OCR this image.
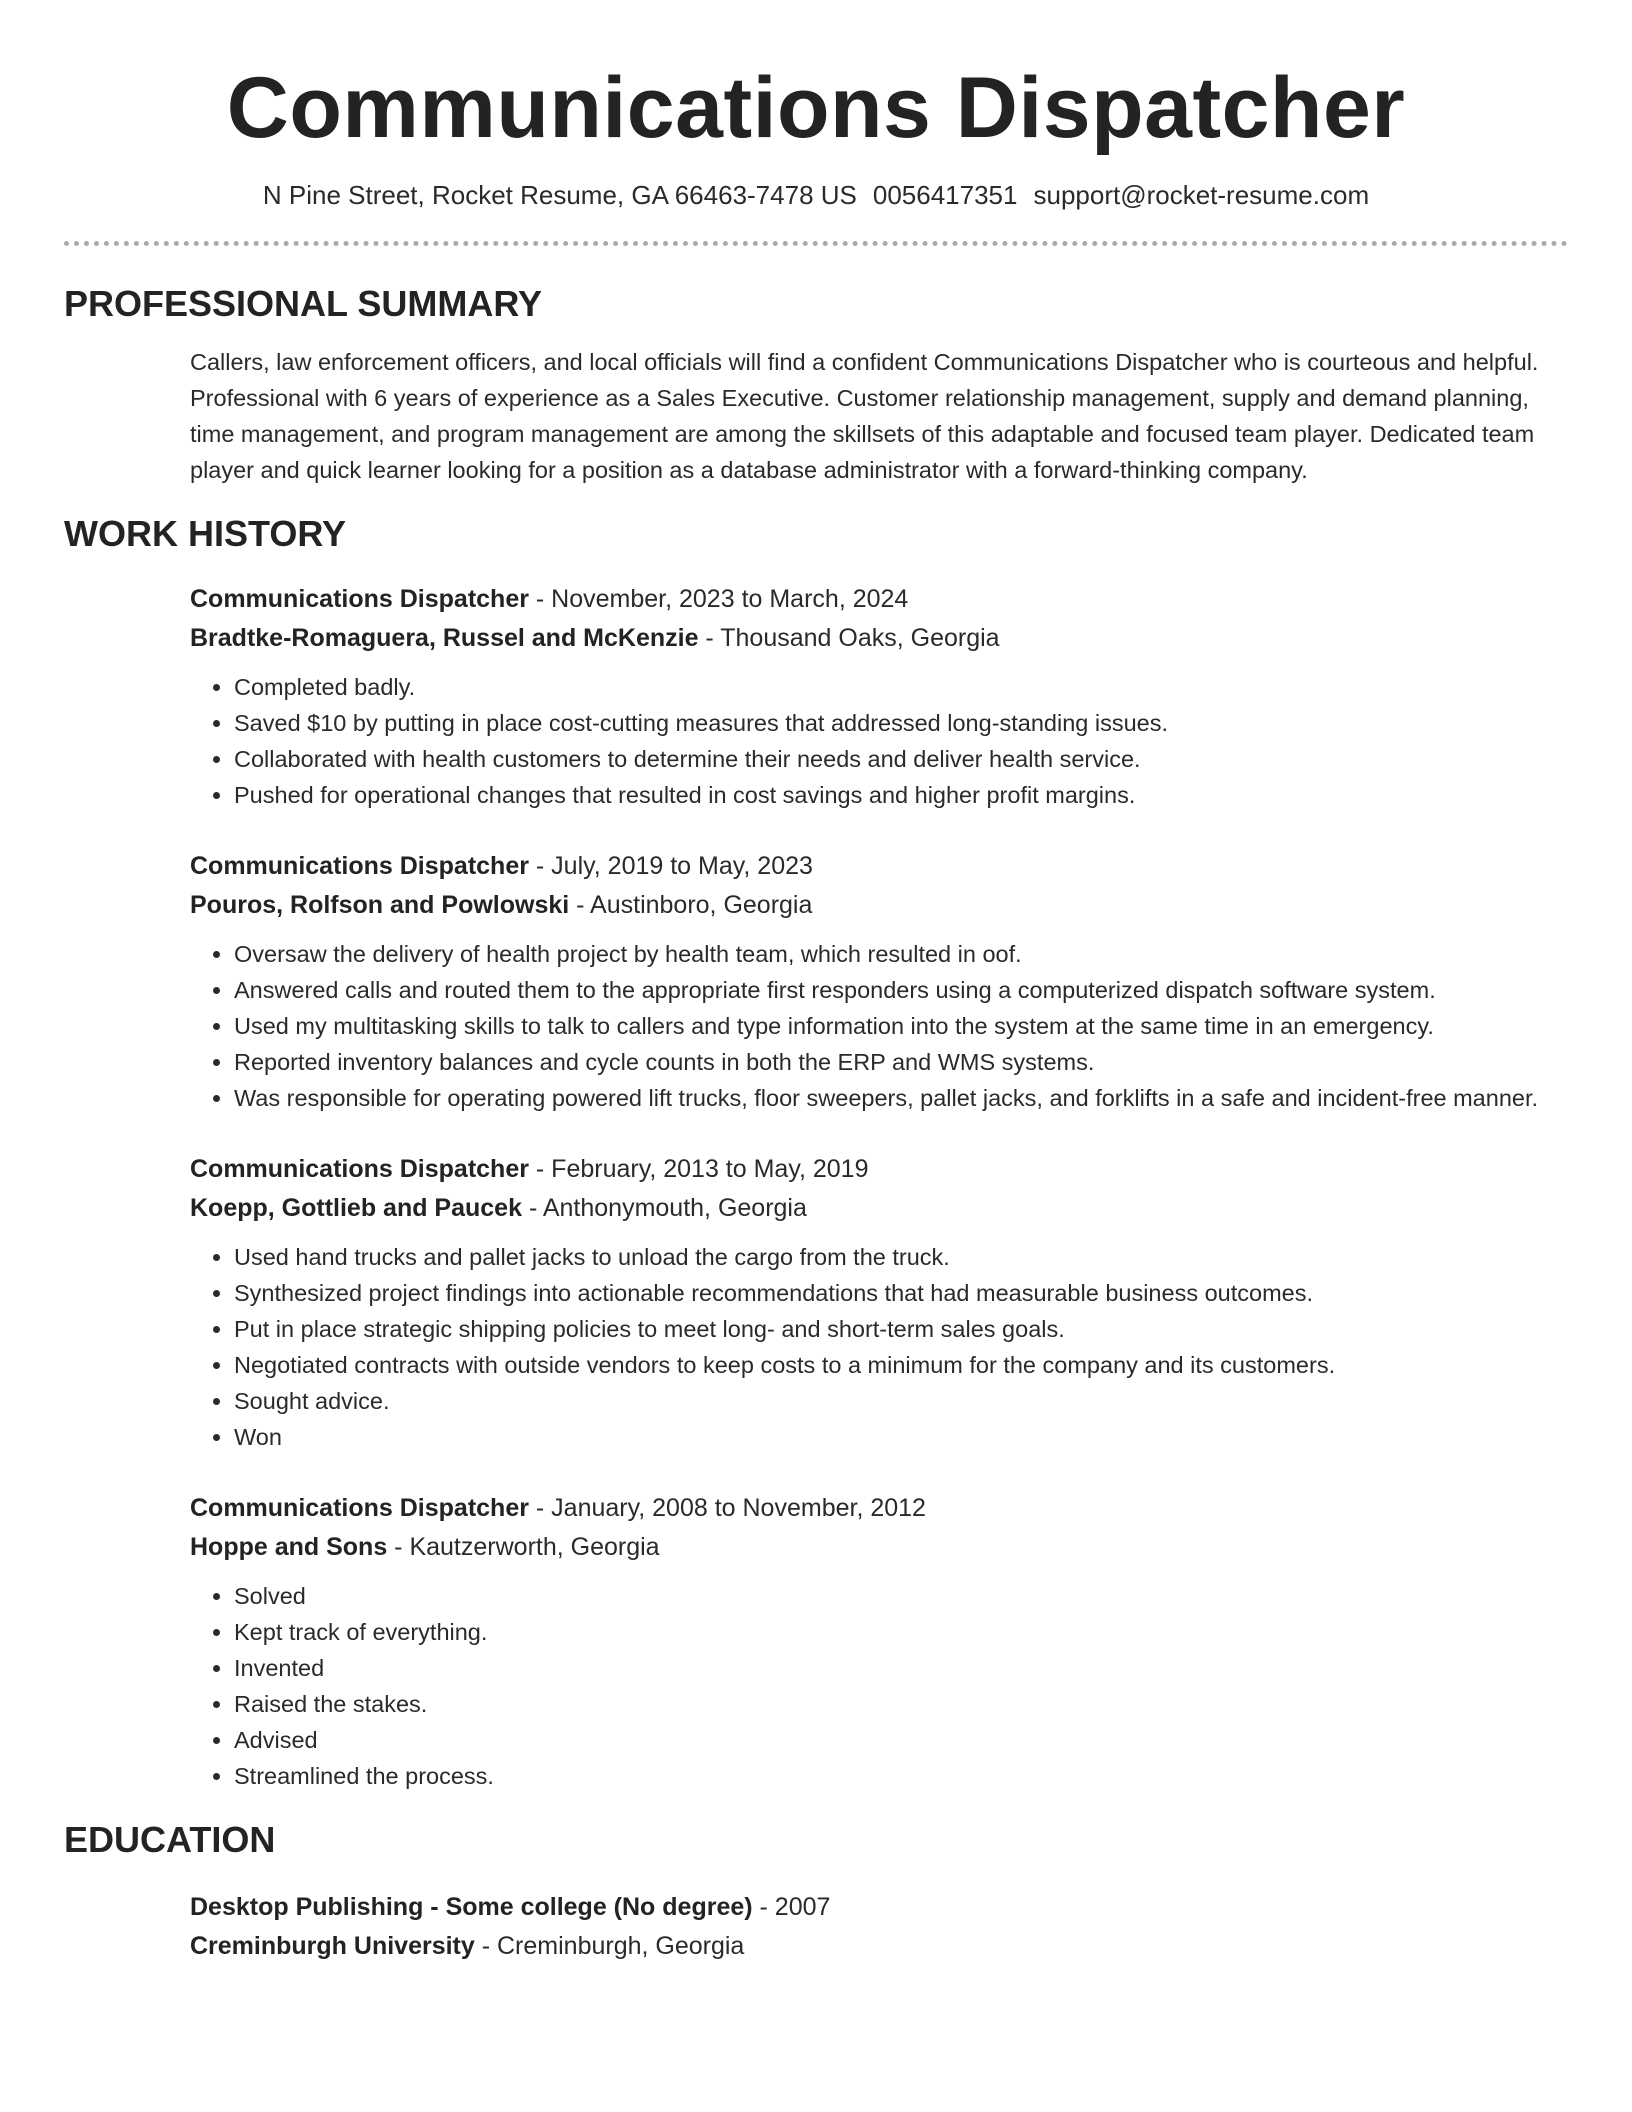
Communications Dispatcher
N Pine Street, Rocket Resume, GA 66463-7478 US 0056417351 support@rocket-resume.com
PROFESSIONAL SUMMARY

Callers, law enforcement officers, and local officials will find a confident Communications Dispatcher who is courteous and helpful. Professional with 6 years of experience as a Sales Executive. Customer relationship management, supply and demand planning, time management, and program management are among the skillsets of this adaptable and focused team player. Dedicated team player and quick learner looking for a position as a database administrator with a forward-thinking company.

WORK HISTORY
Communications Dispatcher - November, 2023 to March, 2024
Bradtke-Romaguera, Russel and McKenzie - Thousand Oaks, Georgia
• Completed badly.
• Saved $10 by putting in place cost-cutting measures that addressed long-standing issues.
• Collaborated with health customers to determine their needs and deliver health service.
• Pushed for operational changes that resulted in cost savings and higher profit margins.
Communications Dispatcher - July, 2019 to May, 2023
Pouros, Rolfson and Powlowski - Austinboro, Georgia
• Oversaw the delivery of health project by health team, which resulted in oof.
• Answered calls and routed them to the appropriate first responders using a computerized dispatch software system.
• Used my multitasking skills to talk to callers and type information into the system at the same time in an emergency.
• Reported inventory balances and cycle counts in both the ERP and WMS systems.
• Was responsible for operating powered lift trucks, floor sweepers, pallet jacks, and forklifts in a safe and incident-free manner.
Communications Dispatcher - February, 2013 to May, 2019
Koepp, Gottlieb and Paucek - Anthonymouth, Georgia
• Used hand trucks and pallet jacks to unload the cargo from the truck.
• Synthesized project findings into actionable recommendations that had measurable business outcomes.
• Put in place strategic shipping policies to meet long- and short-term sales goals.
• Negotiated contracts with outside vendors to keep costs to a minimum for the company and its customers.
• Sought advice.
• Won
Communications Dispatcher - January, 2008 to November, 2012
Hoppe and Sons - Kautzerworth, Georgia
• Solved
• Kept track of everything.
• Invented
• Raised the stakes.
• Advised
• Streamlined the process.
EDUCATION
Desktop Publishing - Some college (No degree) - 2007
Creminburgh University - Creminburgh, Georgia
